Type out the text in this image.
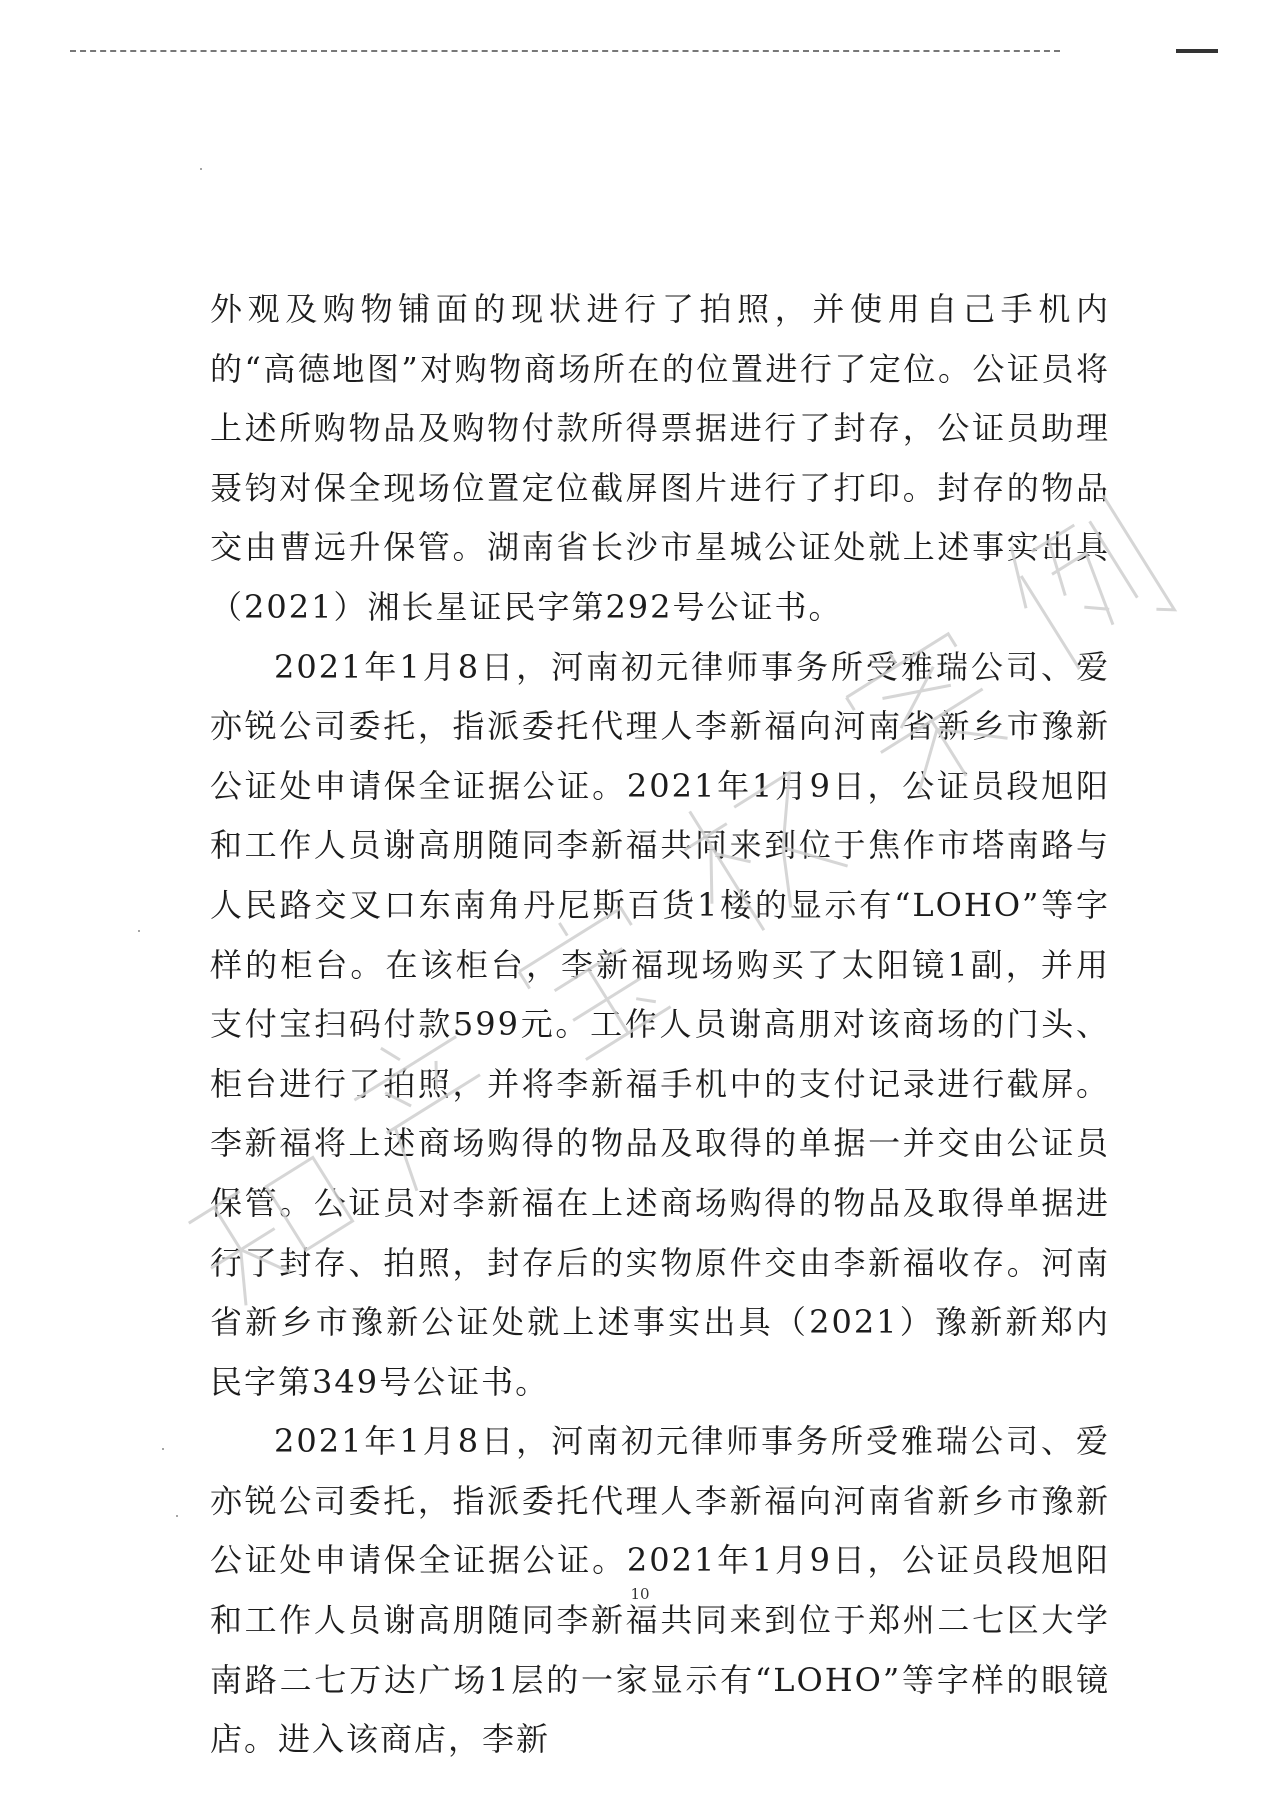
外观及购物铺面的现状进行了拍照，并使用自己手机内的“高德地图”对购物商场所在的位置进行了定位。公证员将上述所购物品及购物付款所得票据进行了封存，公证员助理聂钧对保全现场位置定位截屏图片进行了打印。封存的物品交由曹远升保管。湖南省长沙市星城公证处就上述事实出具（2021）湘长星证民字第292号公证书。

2021年1月8日，河南初元律师事务所受雅瑞公司、爱亦锐公司委托，指派委托代理人李新福向河南省新乡市豫新公证处申请保全证据公证。2021年1月9日，公证员段旭阳和工作人员谢高朋随同李新福共同来到位于焦作市塔南路与人民路交叉口东南角丹尼斯百货1楼的显示有“LOHO”等字样的柜台。在该柜台，李新福现场购买了太阳镜1副，并用支付宝扫码付款599元。工作人员谢高朋对该商场的门头、柜台进行了拍照，并将李新福手机中的支付记录进行截屏。李新福将上述商场购得的物品及取得的单据一并交由公证员保管。公证员对李新福在上述商场购得的物品及取得单据进行了封存、拍照，封存后的实物原件交由李新福收存。河南省新乡市豫新公证处就上述事实出具（2021）豫新新郑内民字第349号公证书。

2021年1月8日，河南初元律师事务所受雅瑞公司、爱亦锐公司委托，指派委托代理人李新福向河南省新乡市豫新公证处申请保全证据公证。2021年1月9日，公证员段旭阳和工作人员谢高朋随同李新福共同来到位于郑州二七区大学南路二七万达广场1层的一家显示有“LOHO”等字样的眼镜店。进入该商店，李新

10
